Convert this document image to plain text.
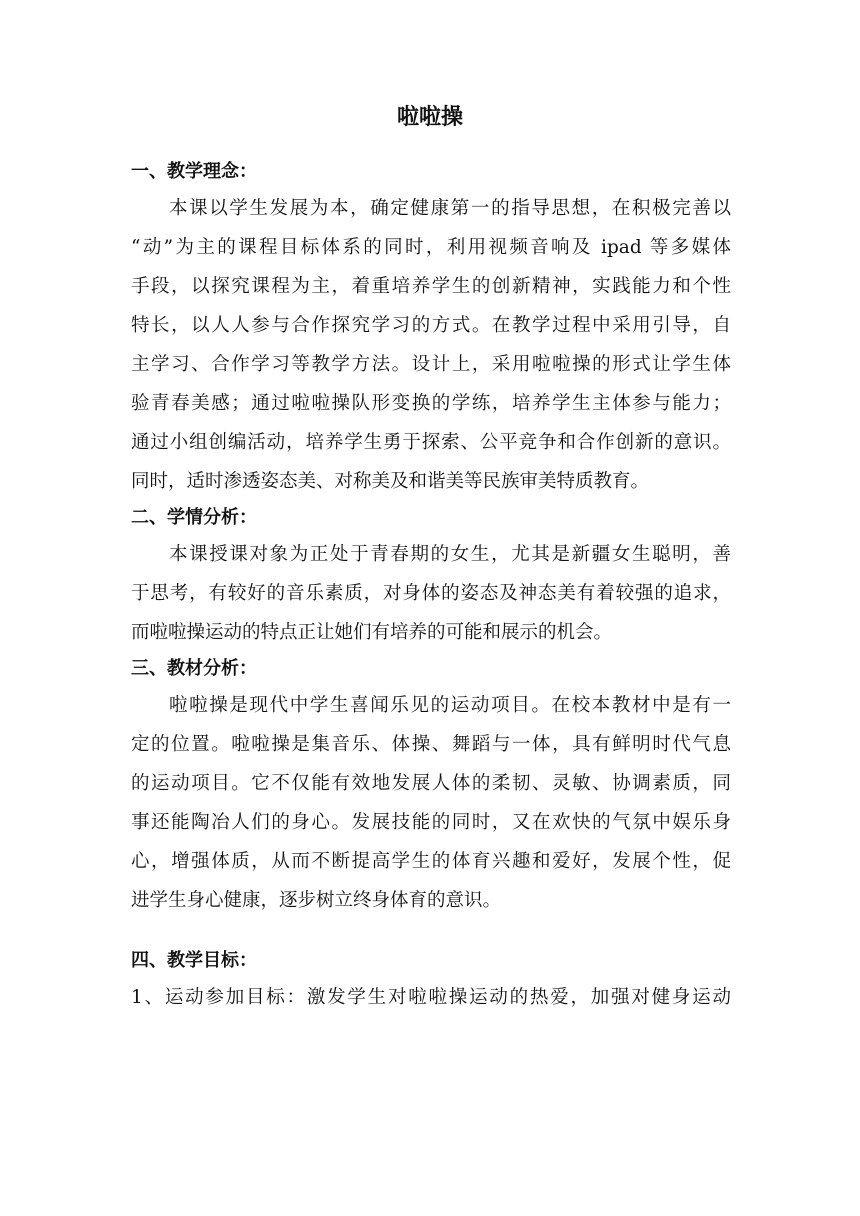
啦啦操
一、教学理念：
本课以学生发展为本，确定健康第一的指导思想，在积极完善以
“动”为主的课程目标体系的同时，利用视频音响及 ipad 等多媒体
手段，以探究课程为主，着重培养学生的创新精神，实践能力和个性
特长，以人人参与合作探究学习的方式。在教学过程中采用引导，自
主学习、合作学习等教学方法。设计上，采用啦啦操的形式让学生体
验青春美感；通过啦啦操队形变换的学练，培养学生主体参与能力；
通过小组创编活动，培养学生勇于探索、公平竞争和合作创新的意识。
同时，适时渗透姿态美、对称美及和谐美等民族审美特质教育。
二、学情分析：
本课授课对象为正处于青春期的女生，尤其是新疆女生聪明，善
于思考，有较好的音乐素质，对身体的姿态及神态美有着较强的追求，
而啦啦操运动的特点正让她们有培养的可能和展示的机会。
三、教材分析：
啦啦操是现代中学生喜闻乐见的运动项目。在校本教材中是有一
定的位置。啦啦操是集音乐、体操、舞蹈与一体，具有鲜明时代气息
的运动项目。它不仅能有效地发展人体的柔韧、灵敏、协调素质，同
事还能陶冶人们的身心。发展技能的同时，又在欢快的气氛中娱乐身
心，增强体质，从而不断提高学生的体育兴趣和爱好，发展个性，促
进学生身心健康，逐步树立终身体育的意识。
四、教学目标：
1、运动参加目标：激发学生对啦啦操运动的热爱，加强对健身运动
